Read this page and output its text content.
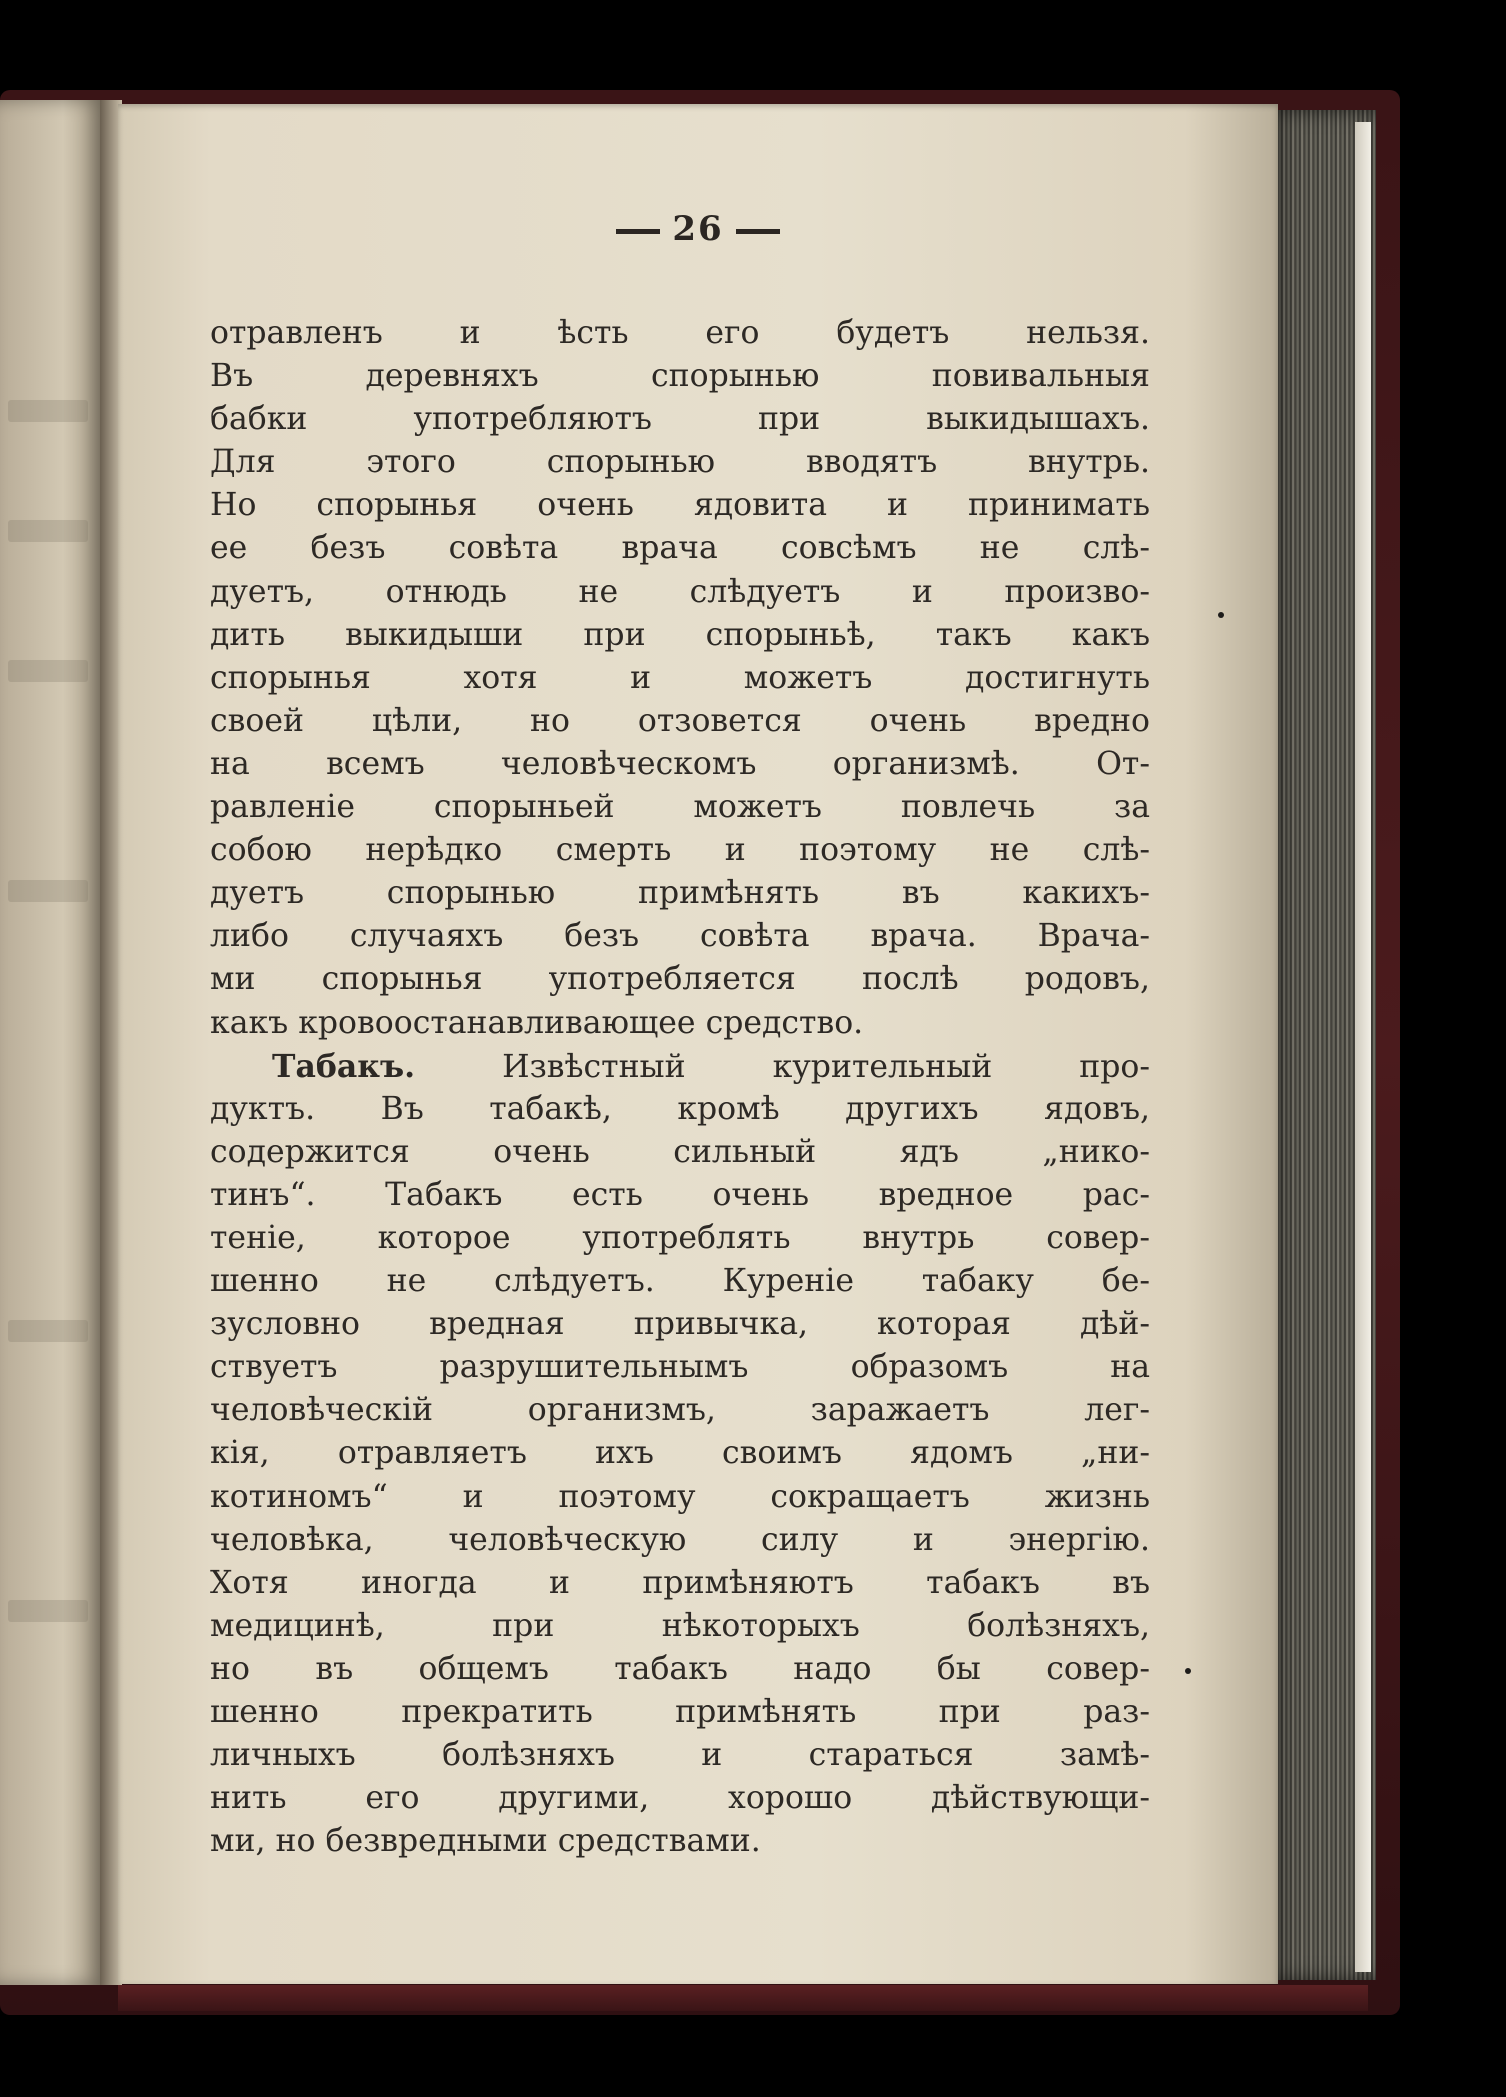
26
отравленъ и ѣсть его будетъ нельзя.
Въ деревняхъ спорынью повивальныя
бабки употребляютъ при выкидышахъ.
Для этого спорынью вводятъ внутрь.
Но спорынья очень ядовита и принимать
ее безъ совѣта врача совсѣмъ не слѣ-
дуетъ, отнюдь не слѣдуетъ и произво-
дить выкидыши при спорыньѣ, такъ какъ
спорынья хотя и можетъ достигнуть
своей цѣли, но отзовется очень вредно
на всемъ человѣческомъ организмѣ. От-
равленіе спорыньей можетъ повлечь за
собою нерѣдко смерть и поэтому не слѣ-
дуетъ спорынью примѣнять въ какихъ-
либо случаяхъ безъ совѣта врача. Врача-
ми спорынья употребляется послѣ родовъ,
какъ кровоостанавливающее средство.
Табакъ. Извѣстный курительный про-
дуктъ. Въ табакѣ, кромѣ другихъ ядовъ,
содержится очень сильный ядъ „нико-
тинъ“. Табакъ есть очень вредное рас-
теніе, которое употреблять внутрь совер-
шенно не слѣдуетъ. Куреніе табаку бе-
зусловно вредная привычка, которая дѣй-
ствуетъ разрушительнымъ образомъ на
человѣческій организмъ, заражаетъ лег-
кія, отравляетъ ихъ своимъ ядомъ „ни-
котиномъ“ и поэтому сокращаетъ жизнь
человѣка, человѣческую силу и энергію.
Хотя иногда и примѣняютъ табакъ въ
медицинѣ, при нѣкоторыхъ болѣзняхъ,
но въ общемъ табакъ надо бы совер-
шенно прекратить примѣнять при раз-
личныхъ болѣзняхъ и стараться замѣ-
нить его другими, хорошо дѣйствующи-
ми, но безвредными средствами.
